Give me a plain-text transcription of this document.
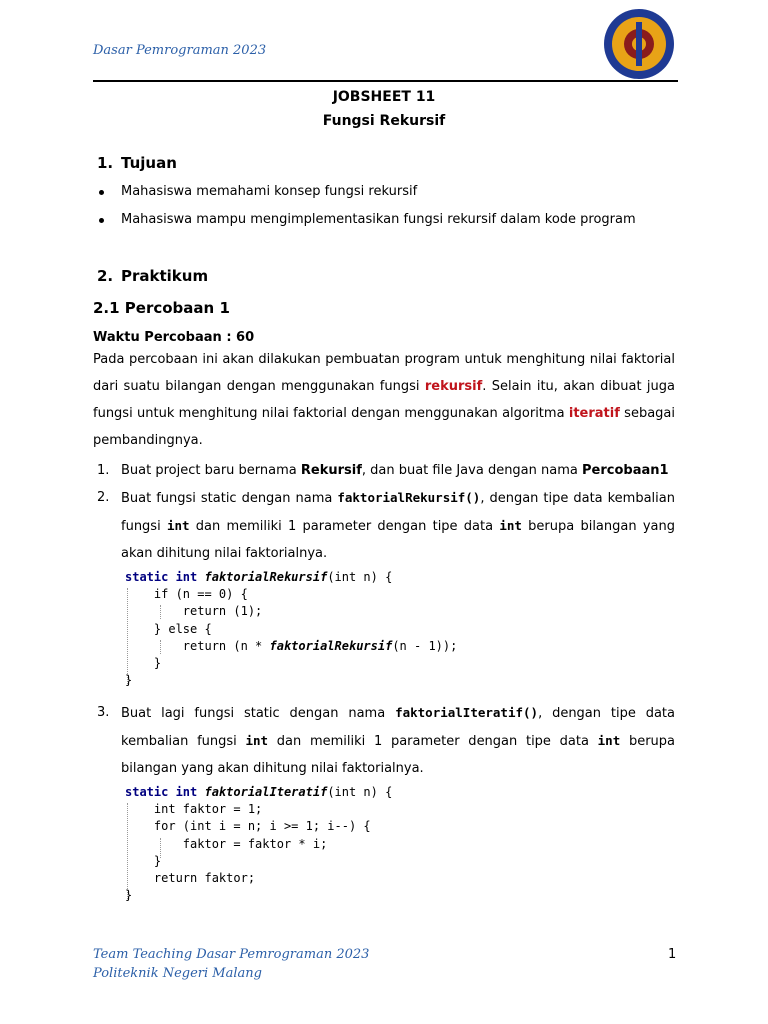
Dasar Pemrograman 2023
JOBSHEET 11
Fungsi Rekursif
1. Tujuan
Mahasiswa memahami konsep fungsi rekursif
Mahasiswa mampu mengimplementasikan fungsi rekursif dalam kode program
2. Praktikum
2.1 Percobaan 1
Waktu Percobaan : 60
Pada percobaan ini akan dilakukan pembuatan program untuk menghitung nilai faktorial dari suatu bilangan dengan menggunakan fungsi rekursif. Selain itu, akan dibuat juga fungsi untuk menghitung nilai faktorial dengan menggunakan algoritma iteratif sebagai pembandingnya.
1. Buat project baru bernama Rekursif, dan buat file Java dengan nama Percobaan1
2. Buat fungsi static dengan nama faktorialRekursif(), dengan tipe data kembalian fungsi int dan memiliki 1 parameter dengan tipe data int berupa bilangan yang akan dihitung nilai faktorialnya.
static int faktorialRekursif(int n) {
if (n == 0) {
return (1);
} else {
return (n * faktorialRekursif(n - 1));
}
}
3. Buat lagi fungsi static dengan nama faktorialIteratif(), dengan tipe data kembalian fungsi int dan memiliki 1 parameter dengan tipe data int berupa bilangan yang akan dihitung nilai faktorialnya.
static int faktorialIteratif(int n) {
int faktor = 1;
for (int i = n; i >= 1; i--) {
faktor = faktor * i;
}
return faktor;
}
Team Teaching Dasar Pemrograman 2023
Politeknik Negeri Malang
1
